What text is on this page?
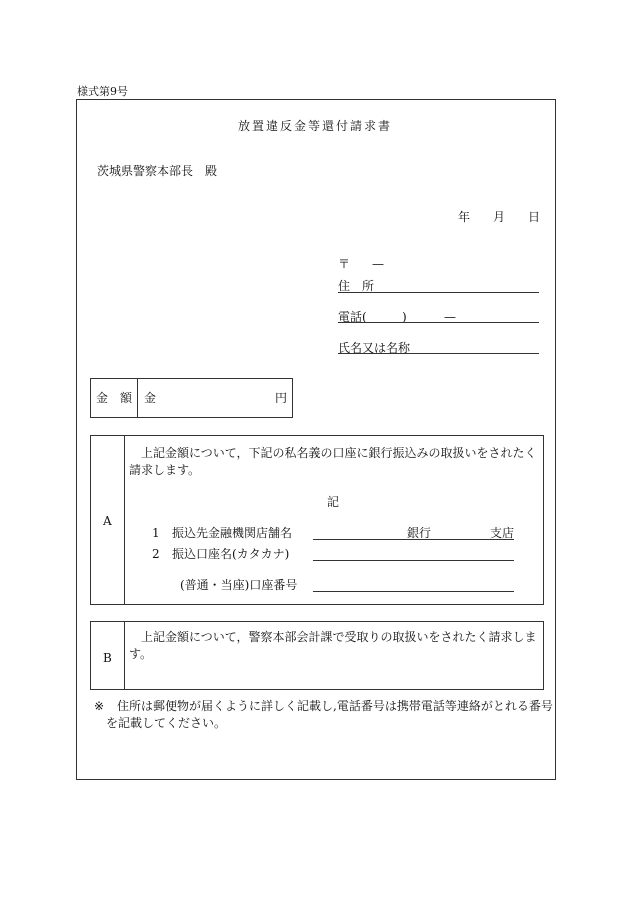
様式第9号
放置違反金等還付請求書
茨城県警察本部長　殿
年 月 日
〒 —
住　所
電話(	)	—
氏名又は名称
金　額 金	円
A
上記金額について，下記の私名義の口座に銀行振込みの取扱いをされたく請求します。
記
1 振込先金融機関店舗名	銀行	支店
2 振込口座名(カタカナ)
(普通・当座)口座番号
B
上記金額について，警察本部会計課で受取りの取扱いをされたく請求します。
※ 住所は郵便物が届くように詳しく記載し,電話番号は携帯電話等連絡がとれる番号
を記載してください。
